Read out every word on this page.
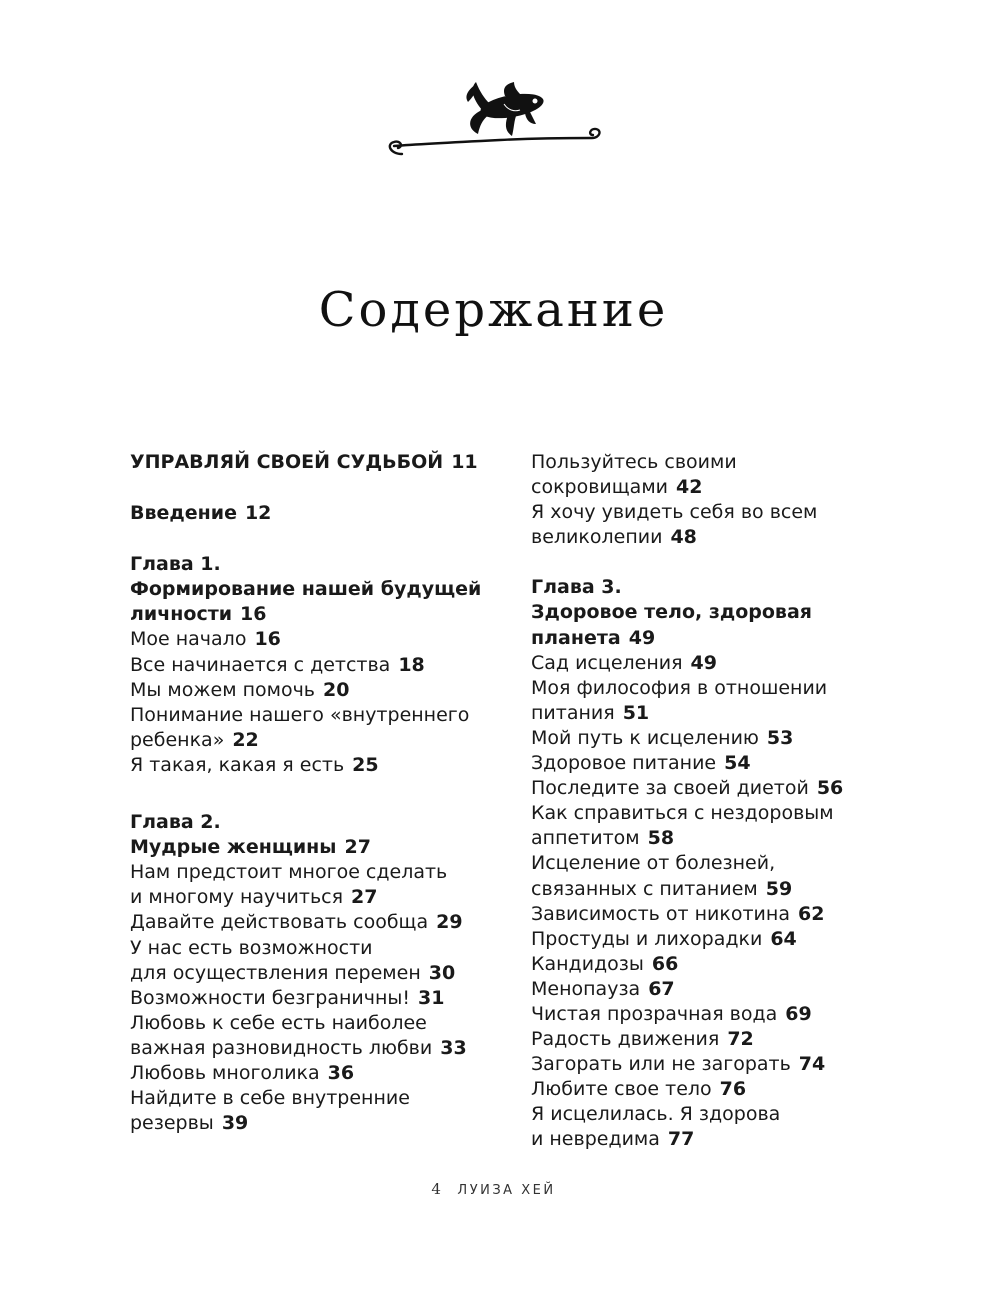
Содержание
УПРАВЛЯЙ СВОЕЙ СУДЬБОЙ 11
Введение 12
Глава 1.
Формирование нашей будущей
личности 16
Мое начало 16
Все начинается с детства 18
Мы можем помочь 20
Понимание нашего «внутреннего
ребенка» 22
Я такая, какая я есть 25
Глава 2.
Мудрые женщины 27
Нам предстоит многое сделать
и многому научиться 27
Давайте действовать сообща 29
У нас есть возможности
для осуществления перемен 30
Возможности безграничны! 31
Любовь к себе есть наиболее
важная разновидность любви 33
Любовь многолика 36
Найдите в себе внутренние
резервы 39
Пользуйтесь своими
сокровищами 42
Я хочу увидеть себя во всем
великолепии 48
Глава 3.
Здоровое тело, здоровая
планета 49
Сад исцеления 49
Моя философия в отношении
питания 51
Мой путь к исцелению 53
Здоровое питание 54
Последите за своей диетой 56
Как справиться с нездоровым
аппетитом 58
Исцеление от болезней,
связанных с питанием 59
Зависимость от никотина 62
Простуды и лихорадки 64
Кандидозы 66
Менопауза 67
Чистая прозрачная вода 69
Радость движения 72
Загорать или не загорать 74
Любите свое тело 76
Я исцелилась. Я здорова
и невредима 77
4 ЛУИЗА ХЕЙ
